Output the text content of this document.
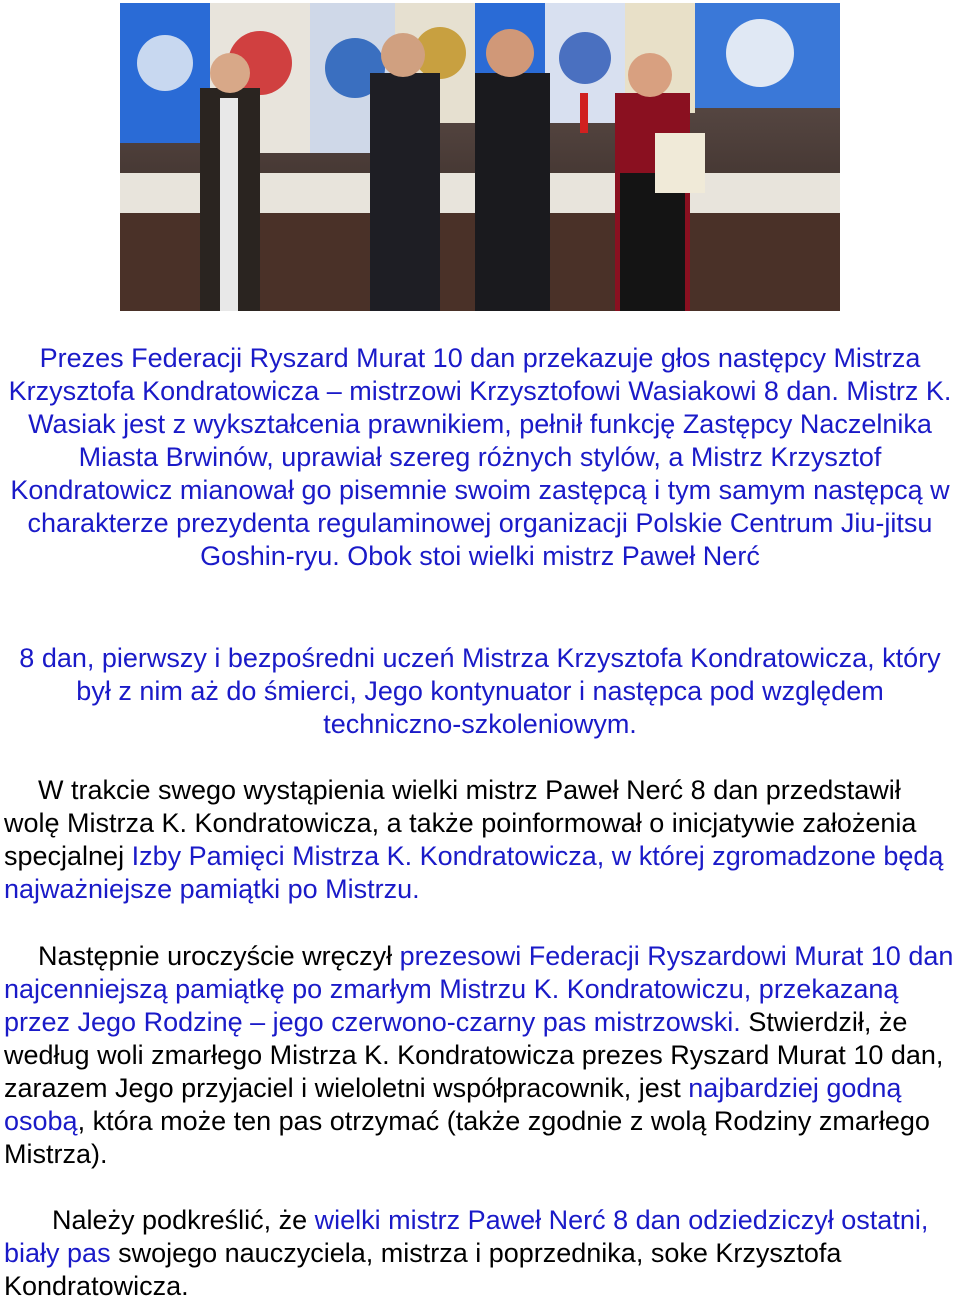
Prezes Federacji Ryszard Murat 10 dan przekazuje głos następcy Mistrza Krzysztofa Kondratowicza – mistrzowi Krzysztofowi Wasiakowi 8 dan. Mistrz K. Wasiak jest z wykształcenia prawnikiem, pełnił funkcję Zastępcy Naczelnika Miasta Brwinów, uprawiał szereg różnych stylów, a Mistrz Krzysztof Kondratowicz mianował go pisemnie swoim zastępcą i tym samym następcą w charakterze prezydenta regulaminowej organizacji Polskie Centrum Jiu-jitsu Goshin-ryu. Obok stoi wielki mistrz Paweł Nerć
8 dan, pierwszy i bezpośredni uczeń Mistrza Krzysztofa Kondratowicza, który był z nim aż do śmierci, Jego kontynuator i następca pod względem techniczno-szkoleniowym.
W trakcie swego wystąpienia wielki mistrz Paweł Nerć 8 dan przedstawił wolę Mistrza K. Kondratowicza, a także poinformował o inicjatywie założenia specjalnej Izby Pamięci Mistrza K. Kondratowicza, w której zgromadzone będą najważniejsze pamiątki po Mistrzu.
Następnie uroczyście wręczył prezesowi Federacji Ryszardowi Murat 10 dan najcenniejszą pamiątkę po zmarłym Mistrzu K. Kondratowiczu, przekazaną przez Jego Rodzinę – jego czerwono-czarny pas mistrzowski. Stwierdził, że według woli zmarłego Mistrza K. Kondratowicza prezes Ryszard Murat 10 dan, zarazem Jego przyjaciel i wieloletni współpracownik, jest najbardziej godną osobą, która może ten pas otrzymać (także zgodnie z wolą Rodziny zmarłego Mistrza).
Należy podkreślić, że wielki mistrz Paweł Nerć 8 dan odziedziczył ostatni, biały pas swojego nauczyciela, mistrza i poprzednika, soke Krzysztofa Kondratowicza.
